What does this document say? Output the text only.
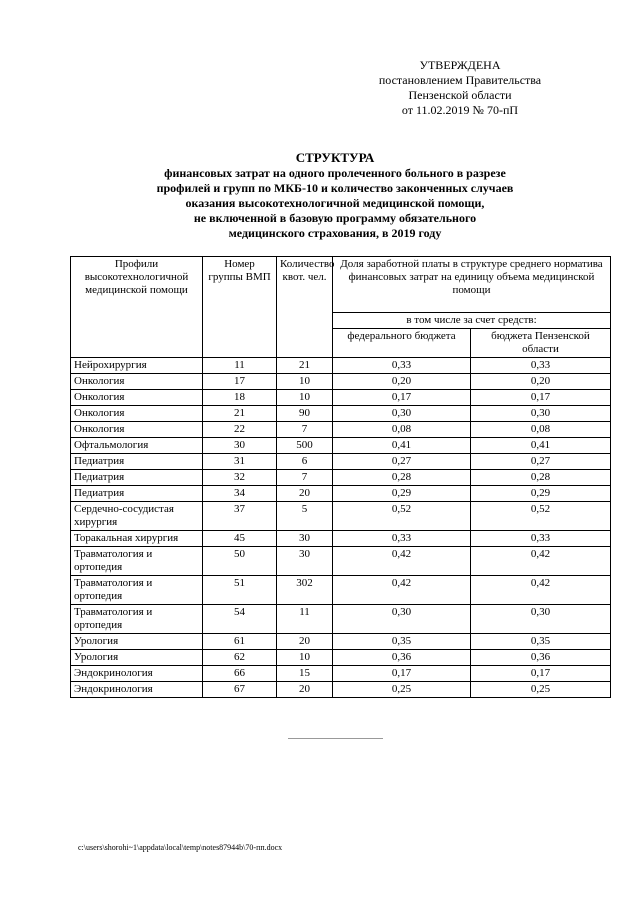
УТВЕРЖДЕНА
постановлением Правительства
Пензенской области
от 11.02.2019 № 70-пП
СТРУКТУРА
финансовых затрат на одного пролеченного больного в разрезе
профилей и групп по МКБ-10 и количество законченных случаев
оказания высокотехнологичной медицинской помощи,
не включенной в базовую программу обязательного
медицинского страхования, в 2019 году
Профили высокотехнологичной медицинской помощи	Номер группы ВМП	Количество квот. чел.	Доля заработной платы в структуре среднего норматива финансовых затрат на единицу объема медицинской помощи	
			в том числе за счет средств:	
			федерального бюджета	бюджета Пензенской области
Нейрохирургия	11	21	0,33	0,33
Онкология	17	10	0,20	0,20
Онкология	18	10	0,17	0,17
Онкология	21	90	0,30	0,30
Онкология	22	7	0,08	0,08
Офтальмология	30	500	0,41	0,41
Педиатрия	31	6	0,27	0,27
Педиатрия	32	7	0,28	0,28
Педиатрия	34	20	0,29	0,29
Сердечно-сосудистая хирургия	37	5	0,52	0,52
Торакальная хирургия	45	30	0,33	0,33
Травматология и ортопедия	50	30	0,42	0,42
Травматология и ортопедия	51	302	0,42	0,42
Травматология и ортопедия	54	11	0,30	0,30
Урология	61	20	0,35	0,35
Урология	62	10	0,36	0,36
Эндокринология	66	15	0,17	0,17
Эндокринология	67	20	0,25	0,25
c:\users\shorohi~1\appdata\local\temp\notes87944b\70-пп.docx
